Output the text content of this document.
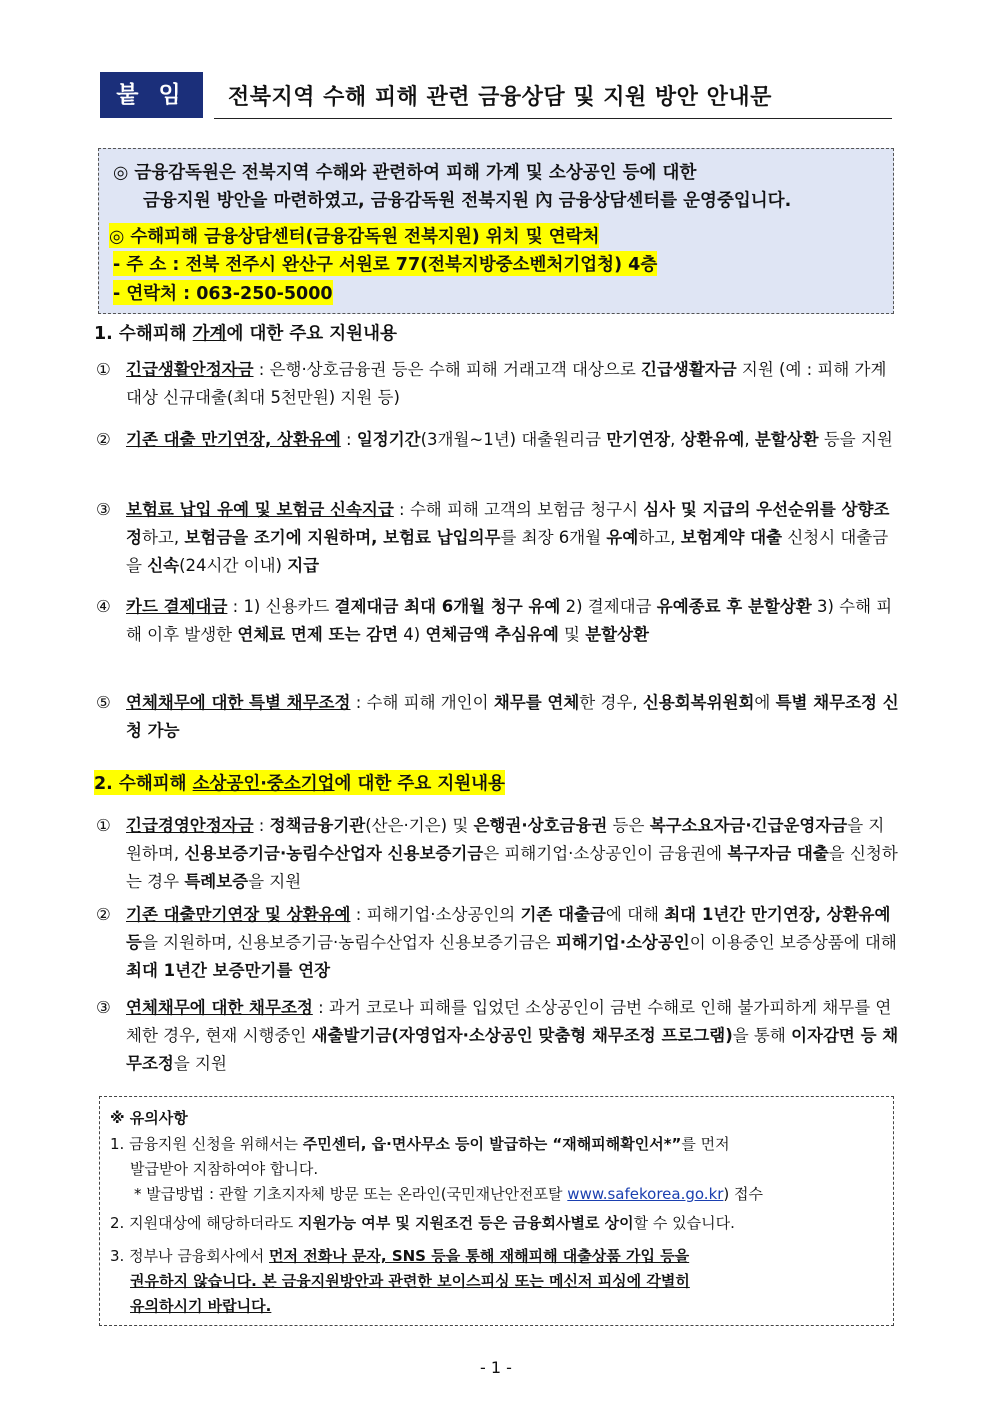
붙 임	전북지역 수해 피해 관련 금융상담 및 지원 방안 안내문
◎ 금융감독원은 전북지역 수해와 관련하여 피해 가계 및 소상공인 등에 대한
금융지원 방안을 마련하였고, 금융감독원 전북지원 內 금융상담센터를 운영중입니다.
◎ 수해피해 금융상담센터(금융감독원 전북지원) 위치 및 연락처
- 주 소 : 전북 전주시 완산구 서원로 77(전북지방중소벤처기업청) 4층
- 연락처 : 063-250-5000
1. 수해피해 가계에 대한 주요 지원내용
① 긴급생활안정자금 : 은행·상호금융권 등은 수해 피해 거래고객 대상으로 긴급생활자금 지원 (예 : 피해 가계 대상 신규대출(최대 5천만원) 지원 등)
② 기존 대출 만기연장, 상환유예 : 일정기간(3개월~1년) 대출원리금 만기연장, 상환유예, 분할상환 등을 지원
③ 보험료 납입 유예 및 보험금 신속지급 : 수해 피해 고객의 보험금 청구시 심사 및 지급의 우선순위를 상향조정하고, 보험금을 조기에 지원하며, 보험료 납입의무를 최장 6개월 유예하고, 보험계약 대출 신청시 대출금을 신속(24시간 이내) 지급
④ 카드 결제대금 : 1) 신용카드 결제대금 최대 6개월 청구 유예 2) 결제대금 유예종료 후 분할상환 3) 수해 피해 이후 발생한 연체료 면제 또는 감면 4) 연체금액 추심유예 및 분할상환
⑤ 연체채무에 대한 특별 채무조정 : 수해 피해 개인이 채무를 연체한 경우, 신용회복위원회에 특별 채무조정 신청 가능
2. 수해피해 소상공인·중소기업에 대한 주요 지원내용
① 긴급경영안정자금 : 정책금융기관(산은·기은) 및 은행권·상호금융권 등은 복구소요자금·긴급운영자금을 지원하며, 신용보증기금·농림수산업자 신용보증기금은 피해기업·소상공인이 금융권에 복구자금 대출을 신청하는 경우 특례보증을 지원
② 기존 대출만기연장 및 상환유예 : 피해기업·소상공인의 기존 대출금에 대해 최대 1년간 만기연장, 상환유예 등을 지원하며, 신용보증기금·농림수산업자 신용보증기금은 피해기업·소상공인이 이용중인 보증상품에 대해 최대 1년간 보증만기를 연장
③ 연체채무에 대한 채무조정 : 과거 코로나 피해를 입었던 소상공인이 금번 수해로 인해 불가피하게 채무를 연체한 경우, 현재 시행중인 새출발기금(자영업자·소상공인 맞춤형 채무조정 프로그램)을 통해 이자감면 등 채무조정을 지원
※ 유의사항
1. 금융지원 신청을 위해서는 주민센터, 읍·면사무소 등이 발급하는 “재해피해확인서*”를 먼저
발급받아 지참하여야 합니다.
* 발급방법 : 관할 기초지자체 방문 또는 온라인(국민재난안전포탈 www.safekorea.go.kr) 접수
2. 지원대상에 해당하더라도 지원가능 여부 및 지원조건 등은 금융회사별로 상이할 수 있습니다.
3. 정부나 금융회사에서 먼저 전화나 문자, SNS 등을 통해 재해피해 대출상품 가입 등을
권유하지 않습니다. 본 금융지원방안과 관련한 보이스피싱 또는 메신저 피싱에 각별히
유의하시기 바랍니다.
- 1 -
